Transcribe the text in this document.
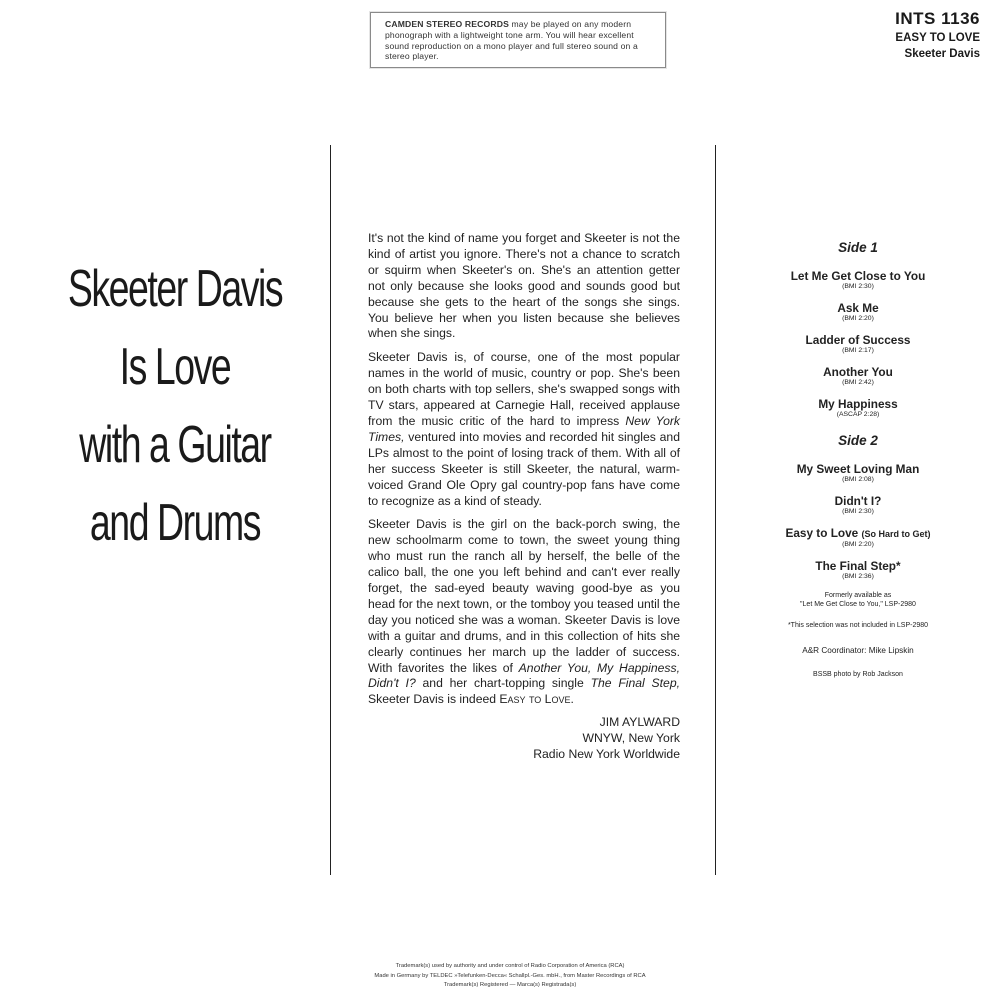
CAMDEN STEREO RECORDS may be played on any modern phonograph with a lightweight tone arm. You will hear excellent sound reproduction on a mono player and full stereo sound on a stereo player.
INTS 1136
EASY TO LOVE
Skeeter Davis
Skeeter Davis
Is Love
with a Guitar
and Drums

It's not the kind of name you forget and Skeeter is not the kind of artist you ignore. There's not a chance to scratch or squirm when Skeeter's on. She's an attention getter not only because she looks good and sounds good but because she gets to the heart of the songs she sings. You believe her when you listen because she believes when she sings.

Skeeter Davis is, of course, one of the most popular names in the world of music, country or pop. She's been on both charts with top sellers, she's swapped songs with TV stars, appeared at Carnegie Hall, received applause from the music critic of the hard to impress New York Times, ventured into movies and recorded hit singles and LPs almost to the point of losing track of them. With all of her success Skeeter is still Skeeter, the natural, warm-voiced Grand Ole Opry gal country-pop fans have come to recognize as a kind of steady.

Skeeter Davis is the girl on the back-porch swing, the new schoolmarm come to town, the sweet young thing who must run the ranch all by herself, the belle of the calico ball, the one you left behind and can't ever really forget, the sad-eyed beauty waving good-bye as you head for the next town, or the tomboy you teased until the day you noticed she was a woman. Skeeter Davis is love with a guitar and drums, and in this collection of hits she clearly continues her march up the ladder of success. With favorites the likes of Another You, My Happiness, Didn't I? and her chart-topping single The Final Step, Skeeter Davis is indeed Easy to Love.

JIM AYLWARD
WNYW, New York
Radio New York Worldwide
Side 1
Let Me Get Close to You
(BMI 2:30)
Ask Me
(BMI 2:20)
Ladder of Success
(BMI 2:17)
Another You
(BMI 2:42)
My Happiness
(ASCAP 2:28)
Side 2
My Sweet Loving Man
(BMI 2:08)
Didn't I?
(BMI 2:30)
Easy to Love (So Hard to Get)
(BMI 2:20)
The Final Step*
(BMI 2:36)
Formerly available as
"Let Me Get Close to You," LSP-2980
*This selection was not included in LSP-2980
A&R Coordinator: Mike Lipskin
BSSB photo by Rob Jackson
Trademark(s) used by authority and under control of Radio Corporation of America (RCA)
Made in Germany by TELDEC »Telefunken-Decca« Schallpl.-Ges. mbH., from Master Recordings of RCA
Trademark(s) Registered — Marca(s) Registrada(s)
